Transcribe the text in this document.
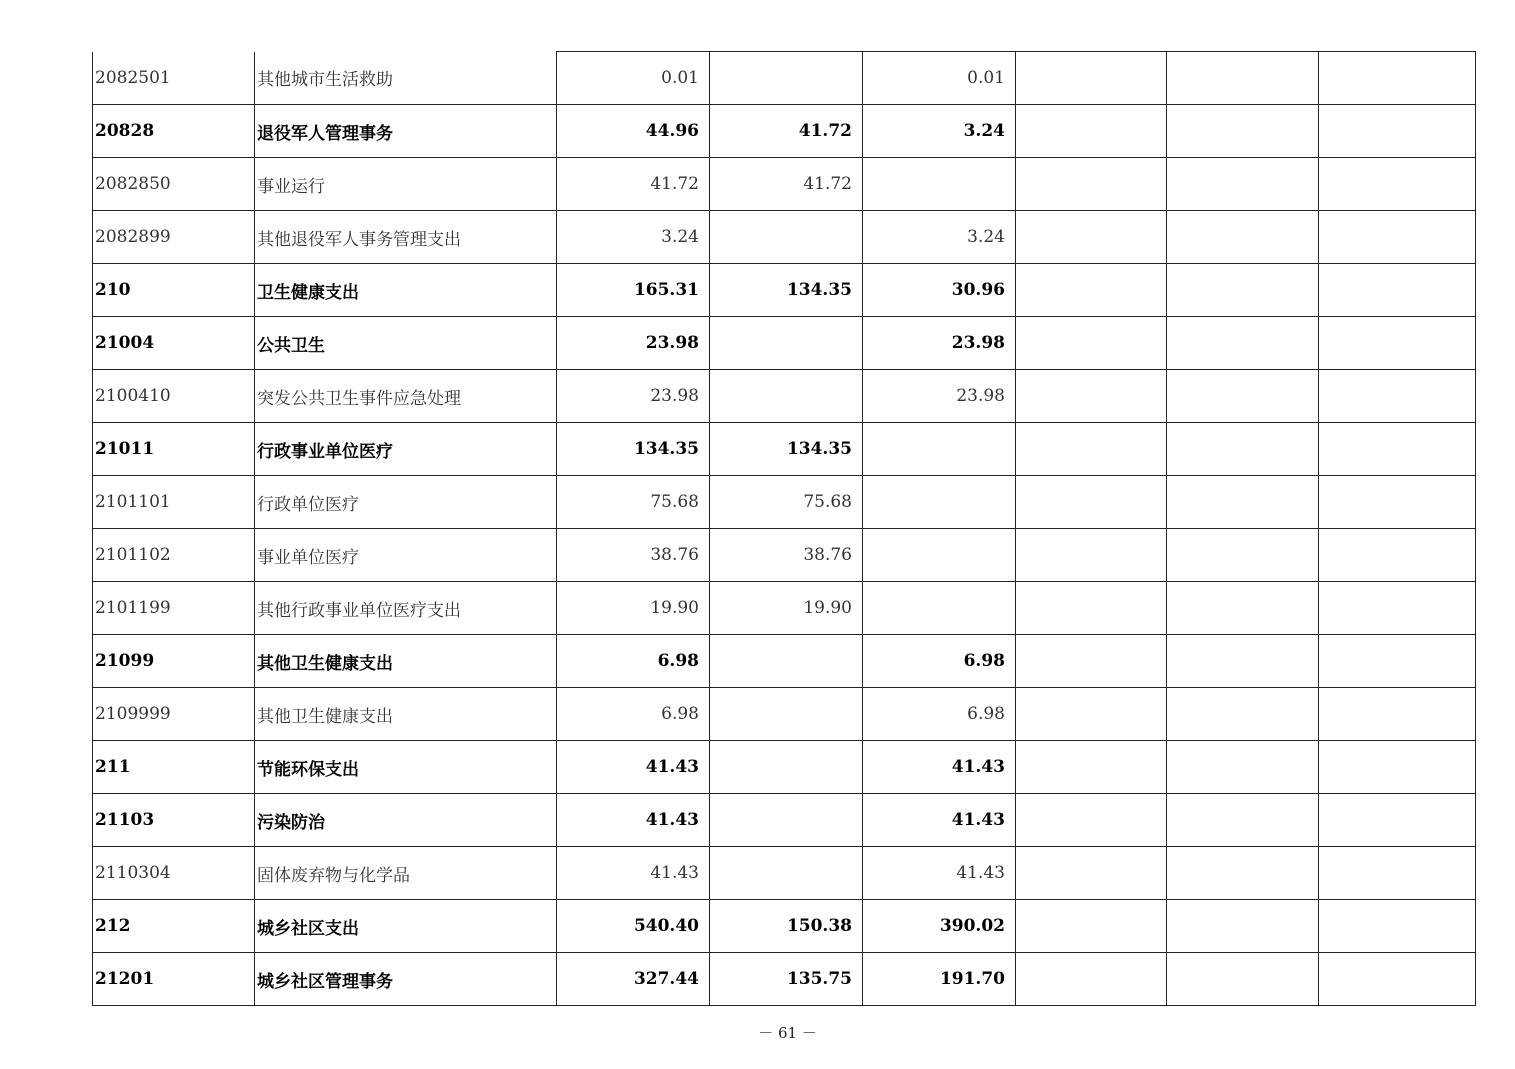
2082501	其他城市生活救助	0.01		0.01			
20828	退役军人管理事务	44.96	41.72	3.24			
2082850	事业运行	41.72	41.72				
2082899	其他退役军人事务管理支出	3.24		3.24			
210	卫生健康支出	165.31	134.35	30.96			
21004	公共卫生	23.98		23.98			
2100410	突发公共卫生事件应急处理	23.98		23.98			
21011	行政事业单位医疗	134.35	134.35				
2101101	行政单位医疗	75.68	75.68				
2101102	事业单位医疗	38.76	38.76				
2101199	其他行政事业单位医疗支出	19.90	19.90				
21099	其他卫生健康支出	6.98		6.98			
2109999	其他卫生健康支出	6.98		6.98			
211	节能环保支出	41.43		41.43			
21103	污染防治	41.43		41.43			
2110304	固体废弃物与化学品	41.43		41.43			
212	城乡社区支出	540.40	150.38	390.02			
21201	城乡社区管理事务	327.44	135.75	191.70			
－ 61 －
